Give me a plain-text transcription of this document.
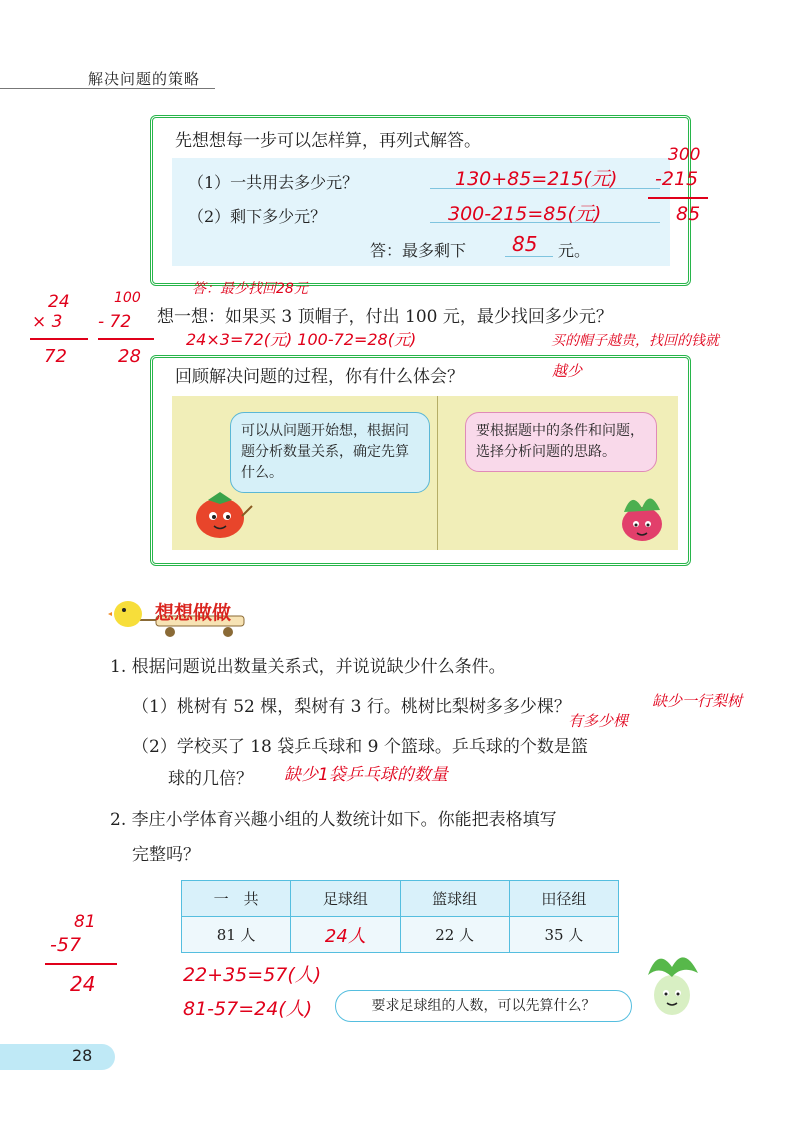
解决问题的策略
先想想每一步可以怎样算，再列式解答。
（1）一共用去多少元？
（2）剩下多少元？
答：最多剩下	元。
130+85=215(元)
300-215=85(元)
85
300
-215
85
答：最少找回28元
想一想：如果买 3 顶帽子，付出 100 元，最少找回多少元？
24×3=72(元) 100-72=28(元)
24
× 3
72
100
- 72
28
回顾解决问题的过程，你有什么体会？
买的帽子越贵，找回的钱就
越少
可以从问题开始想，根据问题分析数量关系，确定先算什么。
要根据题中的条件和问题，选择分析问题的思路。
想想做做
1. 根据问题说出数量关系式，并说说缺少什么条件。
（1）桃树有 52 棵，梨树有 3 行。桃树比梨树多多少棵？	缺少一行梨树
有多少棵
（2）学校买了 18 袋乒乓球和 9 个篮球。乒乓球的个数是篮
球的几倍？ 缺少1袋乒乓球的数量
2. 李庄小学体育兴趣小组的人数统计如下。你能把表格填写
完整吗？
一　共	足球组	篮球组	田径组
81 人	24人	22 人	35 人
81
-57
24	22+35=57(人)
81-57=24(人)	要求足球组的人数，可以先算什么？
28
